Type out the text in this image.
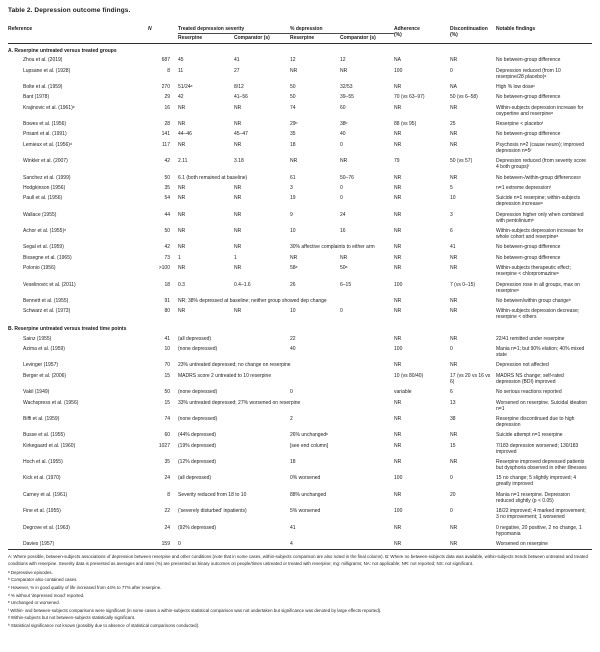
Table 2. Depression outcome findings.
Reference	N	Treated depression severity		% depression		Adherence (%)	Discontinuation (%)	Notable findings
		Reserpine	Comparator (s)	Reserpine	Comparator (s)			
A. Reserpine untreated versus treated groups								
Zhou et al. (2019)	687	45	41	12	12	NA	NR	No between-group difference
Lupsane et al. (1928)	8	11	27	NR	NR	100	0	Depression reduced (from 10 reserpine/28 placebo)ᵃ
Bolte et al. (1959)	270	51/24ᵃ	8/12	50	32/53	NR	NA	High % low doseᶜ
Bant (1978)	29	42	41–56	50	39–55	70 (vs 63–97)	50 (vs 6–58)	No between-group difference
Krajinovic et al. (1961)ᵇ	16	NR	NR	74	60	NR	NR	Within-subjects depression increase for oxypertine and reserpineᵃ
Bowes et al. (1956)	28	NR	NR	29ᵇ	38ᵇ	88 (vs 95)	25	Reserpine < placeboᶠ
Prisant et al. (1991)	141	44–46	45–47	35	40	NR	NR	No between-group difference
Lemieux et al. (1956)ᵈ	117	NR	NR	18	0	NR	NR	Psychosis n=2 (cause neuro); improved depression n=5ᶠ
Winkler et al. (2007)	42	2.11	3.18	NR	NR	79	50 (vs 57)	Depression reduced (from severity score 4 both groups)ᶠ
Sanchez et al. (1999)	50	6.1 (both remained at baseline)		61	50–76	NR	NR	No between-/within-group differencesᵍ
Hodgkinson (1956)	35	NR	NR	3	0	NR	5	n=1 extreme depressionᶠ
Paull et al. (1956)	54	NR	NR	19	0	NR	10	Suicide n=1 reserpine; within-subjects depression increaseᵃ
Wallace (1955)	44	NR	NR	9	24	NR	3	Depression higher only when combined with pentoliniumᵇ
Achor et al. (1955)ᵈ	50	NR	NR	10	16	NR	6	Within-subjects depression increase for whole cohort and reserpineᵃ
Segal et al. (1959)	42	NR	NR	30% affective complaints to either arm		NR	41	No between-group difference
Bissegne et al. (1965)	73	1	1	NR	NR	NR	NR	No between-group difference
Polonio (1956)	>100	NR	NR	58ᵃ	50ᵃ	NR	NR	Within-subjects therapeutic effect; reserpine < chlorpromazineᵃ
Veselinovic et al. (2011)	18	0.3	0.4–1.6	26	6–15	100	7 (vs 0–15)	Depression rose in all groups, max on reserpineᵃ
Bennett et al. (1955)	91	NR; 38% depressed at baseline; neither group showed dep change				NR	NR	No between/within group changeʰ
Schwarz et al. (1973)	80	NR	NR	10	0	NR	NR	Within-subjects depression decrease; reserpine < others
B. Reserpine untreated versus treated time points								
Sainz (1955)	41	(all depressed)		22		NR	NR	22/41 remitted under reserpine
Azima et al. (1959)	10	(none depressed)		40		100	0	Mania n=1; but 90% elation; 40% mixed state
Levinger (1957)	70	23% untreated depressed; no change on reserpine				NR	NR	Depression not affected
Berger et al. (2006)	15	MADRS score 2 untreated to 10 reserpine				10 (vs 80/40)	17 (vs 20 vs 16 vs 6)	MADRS NS change; self-rated depression (BDI) improved
Vakil (1949)	50	(none depressed)		0		variable	6	No serious reactions reported
Wachspress et al. (1956)	15	33% untreated depressed; 27% worsened on reserpine				NR	13	Worsened on reserpine. Suicidal ideation n=1
Biffi et al. (1959)	74	(none depressed)		2		NR	38	Reserpine discontinued due to high depression
Busse et al. (1955)	60	(44% depressed)		26% unchangedᵉ		NR	NR	Suicide attempt n=1 reserpine
Kirkegaard et al. (1960)	1027	(19% depressed)		[see end column]		NR	15	7/183 depression worsened; 130/183 improved
Hoch et al. (1955)	35	(12% depressed)		18		NR	NR	Reserpine improved depressed patients but dysphoria observed in other illnesses
Kick et al. (1970)	24	(all depressed)		0% worsened		100	0	15 no change; 5 slightly improved; 4 greatly improved
Carney et al. (1961)	8	Severity reduced from 18 to 10		88% unchanged		NR	20	Mania n=1 reserpine. Depression reduced slightly (p < 0.05)
Fine et al. (1955)	22	('severely disturbed' inpatients)		5% worsened		100	0	18/22 improved; 4 marked improvement; 3 no improvement; 1 worsened
Degrove et al. (1963)	24	(92% depressed)		41		NR	NR	0 negative, 20 positive, 2 no change, 1 hypomania
Davies (1957)	159	0		4		NR	NR	Worsened on reserpine
A: Where possible, between-subjects associations of depression between reserpine and other conditions (note that in some cases, within-subjects comparison are also noted in the final column). B: Where no between-subjects data was available, within-subjects trends between untreated and treated conditions with reserpine. Severity data is presented as averages and rates (%) are presented as binary outcomes on people/times untreated or treated with reserpine; mg: milligrams; NA: not applicable; NR: not reported; NS: not significant.
ᵃ Depressive episodes.
ᵇ Comparator also contained cases.
ᶜ However, % in good quality of life increased from 44% to 77% after reserpine.
ᵈ % without 'depressed mood' reported.
ᵉ Unchanged or worsened.
ᶠ Within- and between-subjects comparisons were significant (in some cases a within-subjects statistical comparison was not undertaken but significance was denoted by large effects reported).
ᵍ Within-subjects but not between-subjects statistically significant.
ʰ Statistical significance not known (possibly due to absence of statistical comparisons conducted).
